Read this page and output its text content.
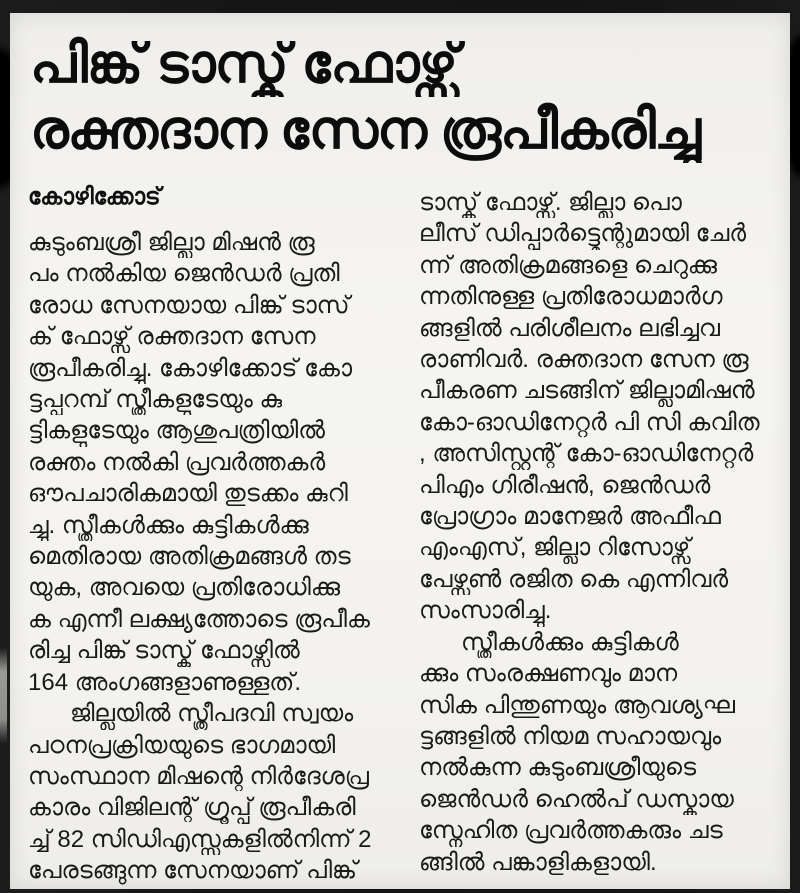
പിങ്ക് ടാസ്ക് ഫോഴ്സ്
രക്തദാന സേന രൂപീകരിച്ചു
കോഴിക്കോട്
കുടുംബശ്രീ ജില്ലാ മിഷൻ രൂ
പം നൽകിയ ജെൻഡർ പ്രതി
രോധ സേനയായ പിങ്ക് ടാസ്
ക് ഫോഴ്സ് രക്തദാന സേന
രൂപീകരിച്ചു. കോഴിക്കോട് കോ
ട്ടപ്പറമ്പ് സ്ത്രീകളുടേയും കു
ട്ടികളുടേയും ആശുപത്രിയിൽ
രക്തം നൽകി പ്രവർത്തകർ
ഔപചാരികമായി തുടക്കം കുറി
ച്ചു. സ്ത്രീകൾക്കും കുട്ടികൾക്കു
മെതിരായ അതിക്രമങ്ങൾ തട
യുക, അവയെ പ്രതിരോധിക്കു
ക എന്നീ ലക്ഷ്യത്തോടെ രൂപീക
രിച്ച പിങ്ക് ടാസ്ക് ഫോഴ്സിൽ
164 അംഗങ്ങളാണുള്ളത്.
ജില്ലയിൽ സ്ത്രീപദവി സ്വയം
പഠനപ്രക്രിയയുടെ ഭാഗമായി
സംസ്ഥാന മിഷന്റെ നിർദേശപ്ര
കാരം വിജിലന്റ് ഗ്രൂപ്പ് രൂപീകരി
ച്ച് 82 സിഡിഎസ്സുകളിൽനിന്ന് 2
പേരടങ്ങുന്ന സേനയാണ് പിങ്ക്
ടാസ്ക് ഫോഴ്സ്. ജില്ലാ പൊ
ലീസ് ഡിപ്പാർട്ട്മെന്റുമായി ചേർ
ന്ന് അതിക്രമങ്ങളെ ചെറുക്കു
ന്നതിനുള്ള പ്രതിരോധമാർഗ
ങ്ങളിൽ പരിശീലനം ലഭിച്ചവ
രാണിവർ. രക്തദാന സേന രൂ
പീകരണ ചടങ്ങിന് ജില്ലാമിഷൻ
കോ-ഓഡിനേറ്റർ പി സി കവിത
, അസിസ്റ്റന്റ് കോ-ഓഡിനേറ്റർ
പിഎം ഗിരീഷൻ, ജെൻഡർ
പ്രോഗ്രാം മാനേജർ അഫീഫ
എംഎസ്, ജില്ലാ റിസോഴ്സ്
പേഴ്സൺ രജിത കെ എന്നിവർ
സംസാരിച്ചു.
സ്ത്രീകൾക്കും കുട്ടികൾ
ക്കും സംരക്ഷണവും മാന
സിക പിന്തുണയും ആവശ്യഘ
ട്ടങ്ങളിൽ നിയമ സഹായവും
നൽകുന്ന കുടുംബശ്രീയുടെ
ജെൻഡർ ഹെൽപ് ഡസ്കായ
സ്നേഹിത പ്രവർത്തകരും ചട
ങ്ങിൽ പങ്കാളികളായി.
